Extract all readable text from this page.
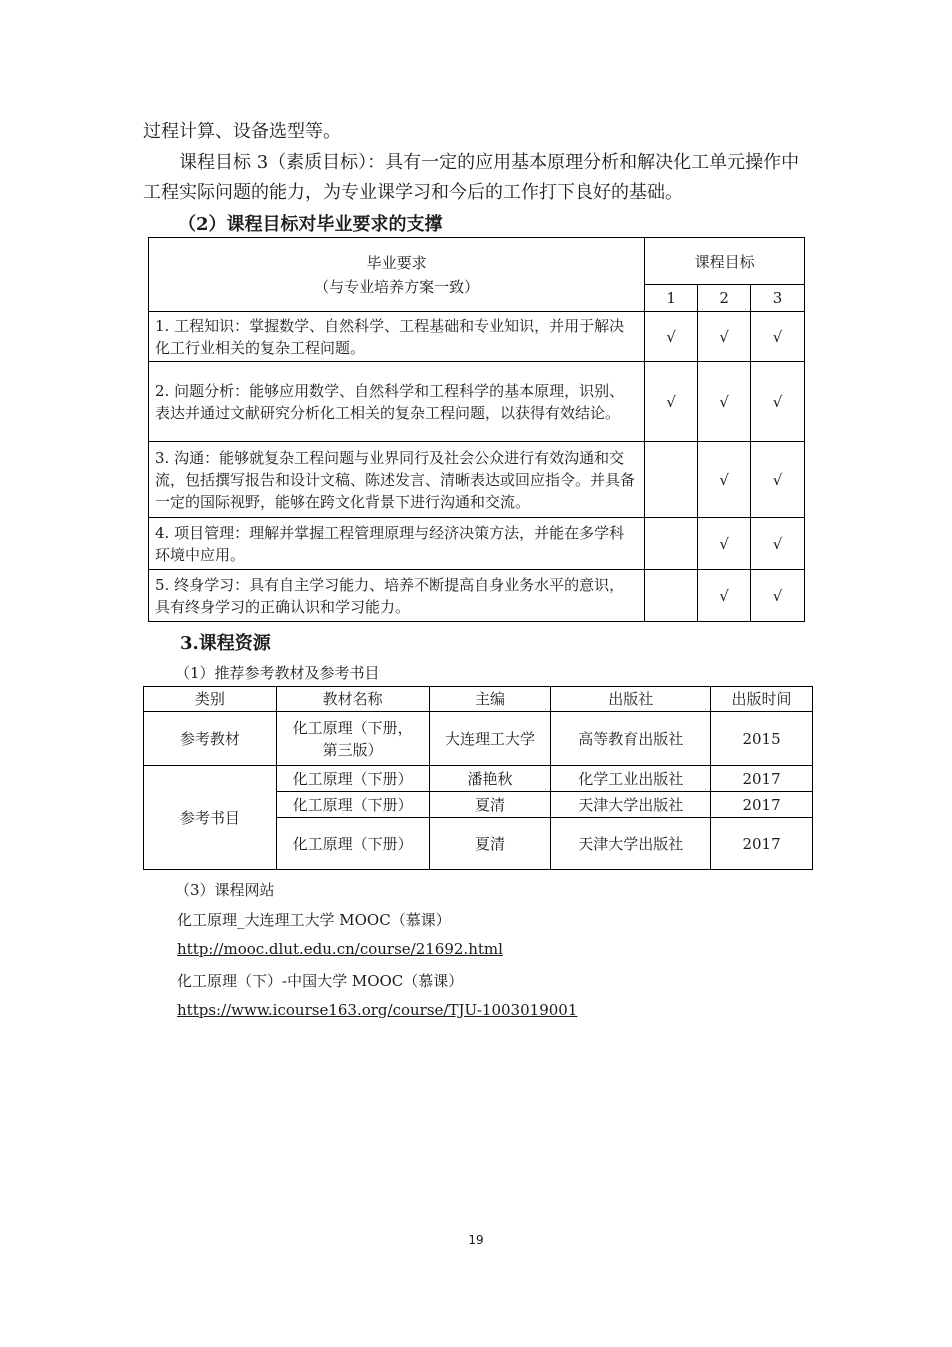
过程计算、设备选型等。

课程目标 3（素质目标）：具有一定的应用基本原理分析和解决化工单元操作中工程实际问题的能力，为专业课学习和今后的工作打下良好的基础。

（2）课程目标对毕业要求的支撑

毕业要求
（与专业培养方案一致）	课程目标		
	1	2	3
1. 工程知识：掌握数学、自然科学、工程基础和专业知识，并用于解决化工行业相关的复杂工程问题。	√	√	√
2. 问题分析：能够应用数学、自然科学和工程科学的基本原理，识别、表达并通过文献研究分析化工相关的复杂工程问题，以获得有效结论。	√	√	√
3. 沟通：能够就复杂工程问题与业界同行及社会公众进行有效沟通和交流，包括撰写报告和设计文稿、陈述发言、清晰表达或回应指令。并具备一定的国际视野，能够在跨文化背景下进行沟通和交流。		√	√
4. 项目管理：理解并掌握工程管理原理与经济决策方法，并能在多学科环境中应用。		√	√
5. 终身学习：具有自主学习能力、培养不断提高自身业务水平的意识，具有终身学习的正确认识和学习能力。		√	√

3.课程资源

（1）推荐参考教材及参考书目

类别	教材名称	主编	出版社	出版时间
参考教材	化工原理（下册，
第三版）	大连理工大学	高等教育出版社	2015
参考书目	化工原理（下册）	潘艳秋	化学工业出版社	2017
	化工原理（下册）	夏清	天津大学出版社	2017
	化工原理（下册）	夏清	天津大学出版社	2017

（3）课程网站

化工原理_大连理工大学 MOOC（慕课）

http://mooc.dlut.edu.cn/course/21692.html

化工原理（下）-中国大学 MOOC（慕课）

https://www.icourse163.org/course/TJU-1003019001

19
